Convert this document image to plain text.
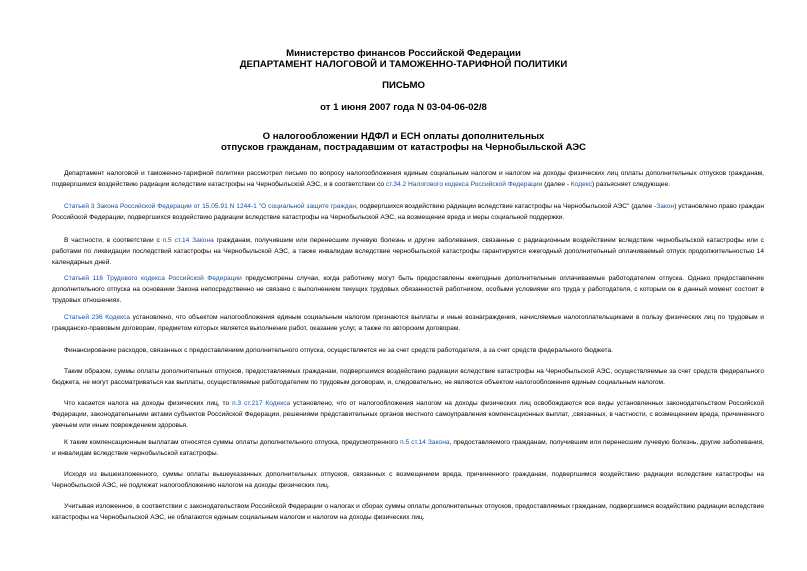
Министерство финансов Российской Федерации
ДЕПАРТАМЕНТ НАЛОГОВОЙ И ТАМОЖЕННО-ТАРИФНОЙ ПОЛИТИКИ
ПИСЬМО
от 1 июня 2007 года N 03-04-06-02/8
О налогообложении НДФЛ и ЕСН оплаты дополнительных
отпусков гражданам, пострадавшим от катастрофы на Чернобыльской АЭС

Департамент налоговой и таможенно-тарифной политики рассмотрел письмо по вопросу налогообложения единым социальным налогом и налогом на доходы физических лиц оплаты дополнительных отпусков гражданам, подвергшимся воздействию радиации вследствие катастрофы на Чернобыльской АЭС, и в соответствии со ст.34.2 Налогового кодекса Российской Федерации (далее - Кодекс) разъясняет следующее.

Статьей 3 Закона Российской Федерации от 15.05.91 N 1244-1 "О социальной защите граждан, подвергшихся воздействию радиации вследствие катастрофы на Чернобыльской АЭС" (далее -Закон) установлено право граждан Российской Федерации, подвергшихся воздействию радиации вследствие катастрофы на Чернобыльской АЭС, на возмещение вреда и меры социальной поддержки.

В частности, в соответствии с п.5 ст.14 Закона гражданам, получившим или перенесшим лучевую болезнь и другие заболевания, связанные с радиационным воздействием вследствие чернобыльской катастрофы или с работами по ликвидации последствий катастрофы на Чернобыльской АЭС, а также инвалидам вследствие чернобыльской катастрофы гарантируется ежегодный дополнительный оплачиваемый отпуск продолжительностью 14 календарных дней.

Статьей 116 Трудового кодекса Российской Федерации предусмотрены случаи, когда работнику могут быть предоставлены ежегодные дополнительные оплачиваемые работодателем отпуска. Однако предоставление дополнительного отпуска на основании Закона непосредственно не связано с выполнением текущих трудовых обязанностей работником, особыми условиями его труда у работодателя, с которым он в данный момент состоит в трудовых отношениях.

Статьей 236 Кодекса установлено, что объектом налогообложения единым социальным налогом признаются выплаты и иные вознаграждения, начисляемые налогоплательщиками в пользу физических лиц по трудовым и гражданско-правовым договорам, предметом которых является выполнение работ, оказание услуг, а также по авторским договорам.

Финансирование расходов, связанных с предоставлением дополнительного отпуска, осуществляется не за счет средств работодателя, а за счет средств федерального бюджета.

Таким образом, суммы оплаты дополнительных отпусков, предоставляемых гражданам, подвергшимся воздействию радиации вследствие катастрофы на Чернобыльской АЭС, осуществляемые за счет средств федерального бюджета, не могут рассматриваться как выплаты, осуществляемые работодателем по трудовым договорам, и, следовательно, не являются объектом налогообложения единым социальным налогом.

Что касается налога на доходы физических лиц, то п.3 ст.217 Кодекса установлено, что от налогообложения налогом на доходы физических лиц освобождаются все виды установленных законодательством Российской Федерации, законодательными актами субъектов Российской Федерации, решениями представительных органов местного самоуправления компенсационных выплат, ,связанных, в частности, с возмещением вреда, причиненного увечьем или иным повреждением здоровья.

К таким компенсационным выплатам относятся суммы оплаты дополнительного отпуска, предусмотренного п.5 ст.14 Закона, предоставляемого гражданам, получившим или перенесшим лучевую болезнь, другие заболевания, и инвалидам вследствие чернобыльской катастрофы.

Исходя из вышеизложенного, суммы оплаты вышеуказанных дополнительных отпусков, связанных с возмещением вреда, причиненного гражданам, подвергшимся воздействию радиации вследствие катастрофы на Чернобыльской АЭС, не подлежат налогообложению налогом на доходы физических лиц.

Учитывая изложенное, в соответствии с законодательством Российской Федерации о налогах и сборах суммы оплаты дополнительных отпусков, предоставляемых гражданам, подвергшимся воздействию радиации вследствие катастрофы на Чернобыльской АЭС, не облагаются единым социальным налогом и налогом на доходы физических лиц.
